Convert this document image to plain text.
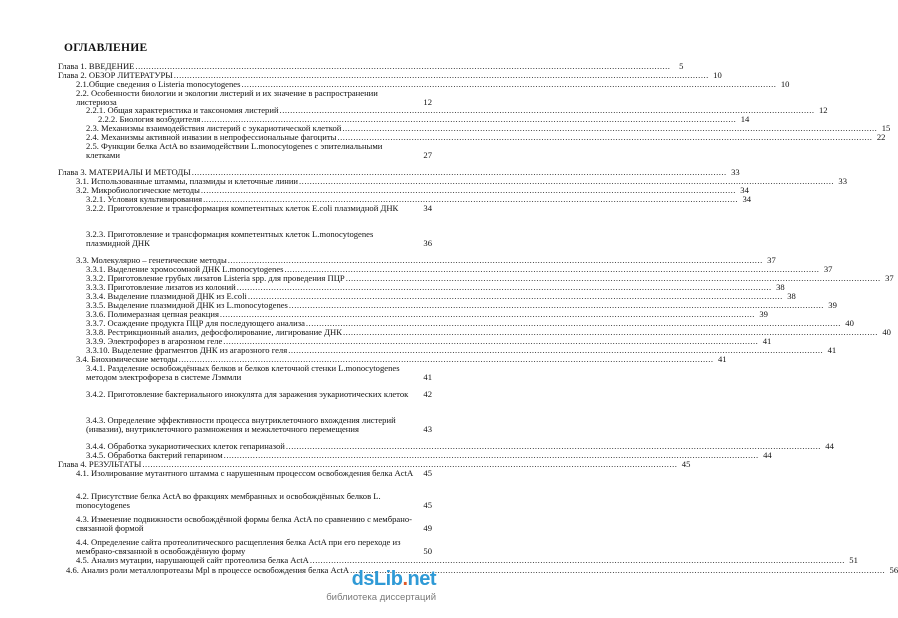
ОГЛАВЛЕНИЕ
Глава 1. ВВЕДЕНИЕ .....	5
Глава 2. ОБЗОР ЛИТЕРАТУРЫ .....	10
2.1.Общие сведения о Listeria monocytogenes .....	10
2.2. Особенности биологии и экологии листерий и их значение в распространении листериоза	12
2.2.1. Общая характеристика и таксономия листерий .....	12
2.2.2. Биология возбудителя .....	14
2.3. Механизмы взаимодействия листерий с эукариотической клеткой .....	15
2.4. Механизмы активной инвазии в непрофессиональные фагоциты .....	22
2.5. Функции белка ActA во взаимодействии L.monocytogenes с эпителиальными клетками	27
Глава 3. МАТЕРИАЛЫ И МЕТОДЫ .....	33
3.1. Использованные штаммы, плазмиды и клеточные линии .....	33
3.2. Микробиологические методы .....	34
3.2.1. Условия культивирования .....	34
3.2.2. Приготовление и трансформация компетентных клеток E.coli плазмидной ДНК	34
3.2.3. Приготовление и трансформация компетентных клеток L.monocytogenes плазмидной ДНК	36
3.3. Молекулярно – генетические методы .....	37
3.3.1. Выделение хромосомной ДНК L.monocytogenes .....	37
3.3.2. Приготовление грубых лизатов Listeria spp. для проведения ПЦР .....	37
3.3.3. Приготовление лизатов из колоний .....	38
3.3.4. Выделение плазмидной ДНК из E.coli .....	38
3.3.5. Выделение плазмидной ДНК из L.monocytogenes .....	39
3.3.6. Полимеразная цепная реакция .....	39
3.3.7. Осаждение продукта ПЦР для последующего анализа .....	40
3.3.8. Рестрикционный анализ, дефосфолирование, лигирование ДНК .....	40
3.3.9. Электрофорез в агарозном геле .....	41
3.3.10. Выделение фрагментов ДНК из агарозного геля .....	41
3.4. Биохимические методы .....	41
3.4.1. Разделение освобождённых белков и белков клеточной стенки L.monocytogenes методом электрофореза в системе Лэммли	41
3.4.2. Приготовление бактериального инокулята для заражения эукариотических клеток	42
3.4.3. Определение эффективности процесса внутриклеточного вхождения листерий (инвазии), внутриклеточного размножения и межклеточного перемещения	43
3.4.4. Обработка эукариотических клеток гепариназой .....	44
3.4.5. Обработка бактерий гепарином .....	44
Глава 4. РЕЗУЛЬТАТЫ .....	45
4.1. Изолирование мутантного штамма с нарушенным процессом освобождения белка ActA	45
4.2. Присутствие белка ActA во фракциях мембранных и освобождённых белков L. monocytogenes	45
4.3. Изменение подвижности освобождённой формы белка ActA по сравнению с мембрано-связанной формой	49
4.4. Определение сайта протеолитического расщепления белка ActA при его переходе из мембрано-связанной в освобождённую форму	50
4.5. Анализ мутации, нарушающей сайт протеолиза белка ActA .....	51
4.6. Анализ роли металлопротеазы Mpl в процессе освобождения белка ActA .....	56
dsLib.net
библиотека диссертаций
